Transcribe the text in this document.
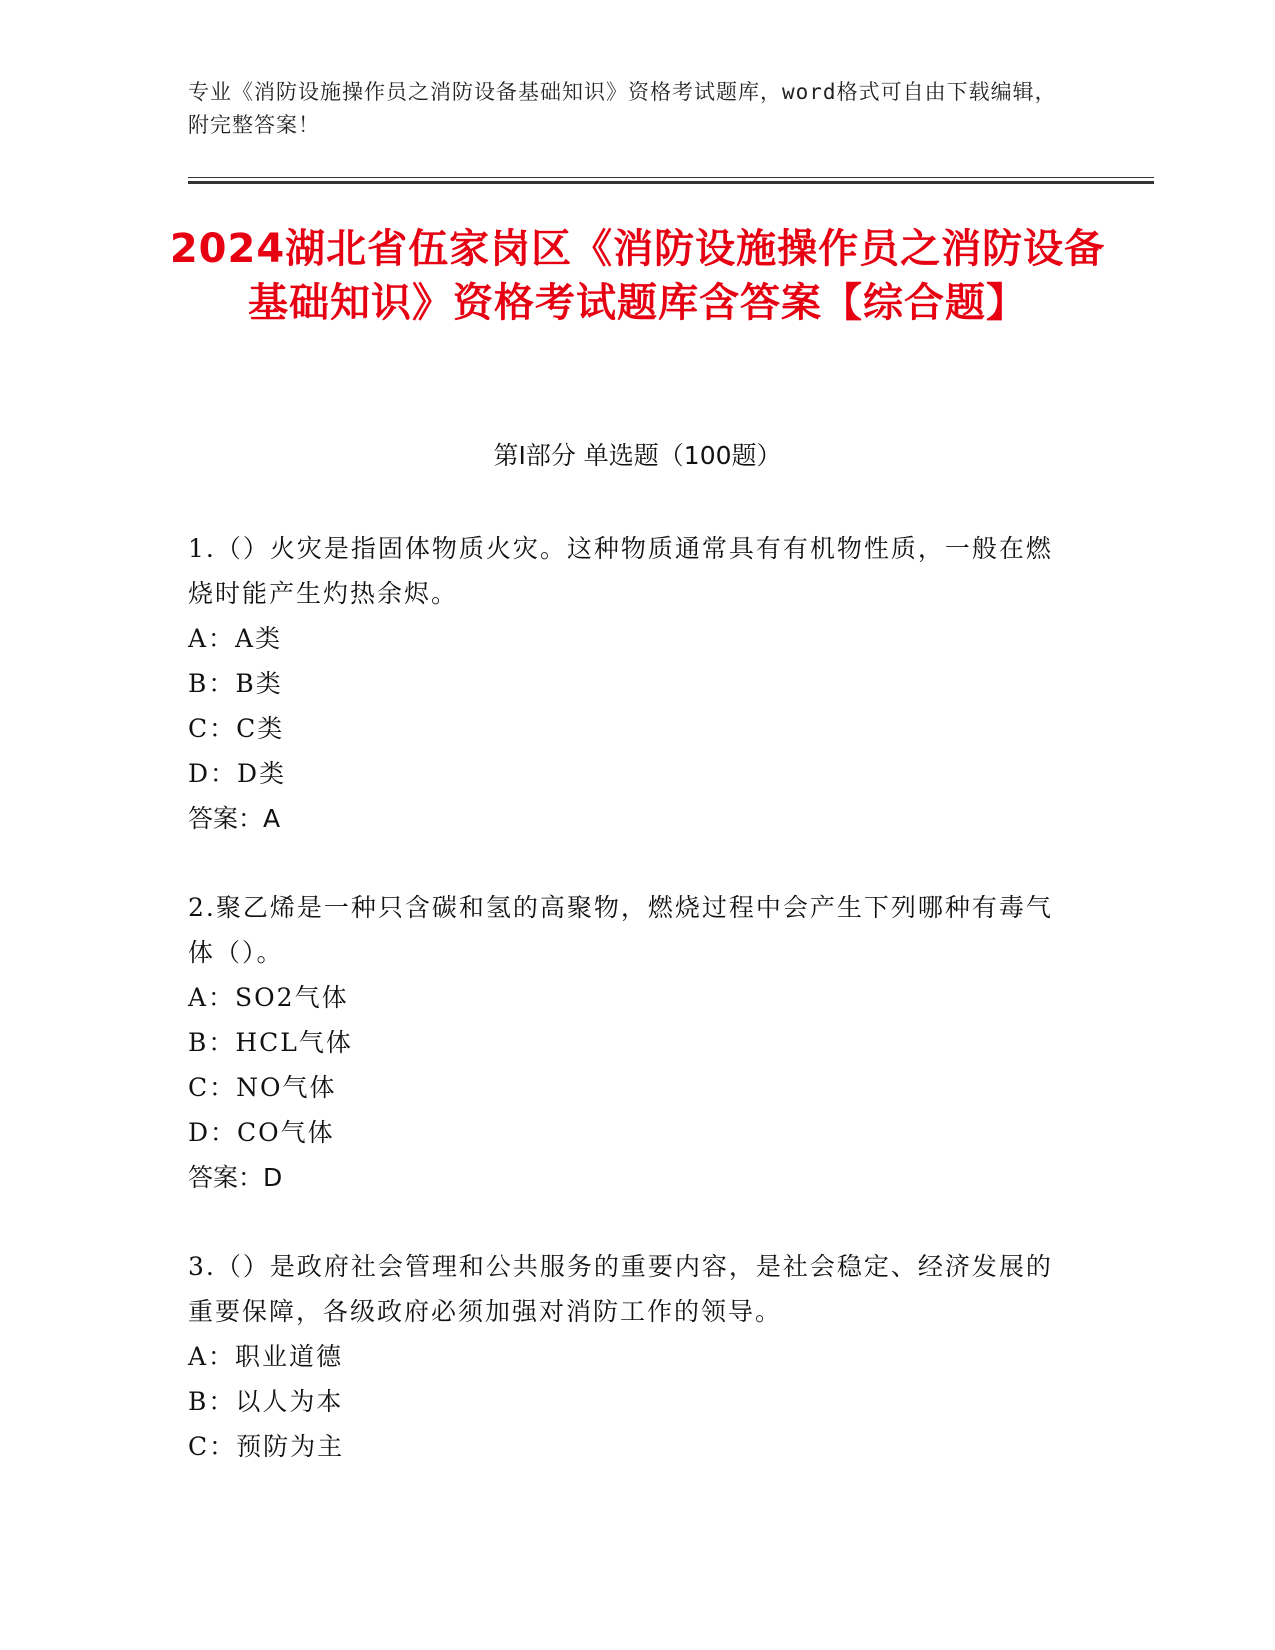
专业《消防设施操作员之消防设备基础知识》资格考试题库，word格式可自由下载编辑，附完整答案！
2024湖北省伍家岗区《消防设施操作员之消防设备基础知识》资格考试题库含答案【综合题】
第I部分 单选题（100题）
1.（）火灾是指固体物质火灾。这种物质通常具有有机物性质，一般在燃烧时能产生灼热余烬。
A：A类
B：B类
C：C类
D：D类
答案：A
2.聚乙烯是一种只含碳和氢的高聚物，燃烧过程中会产生下列哪种有毒气体（）。
A：SO2气体
B：HCL气体
C：NO气体
D：CO气体
答案：D
3.（）是政府社会管理和公共服务的重要内容，是社会稳定、经济发展的重要保障，各级政府必须加强对消防工作的领导。
A：职业道德
B：以人为本
C：预防为主
